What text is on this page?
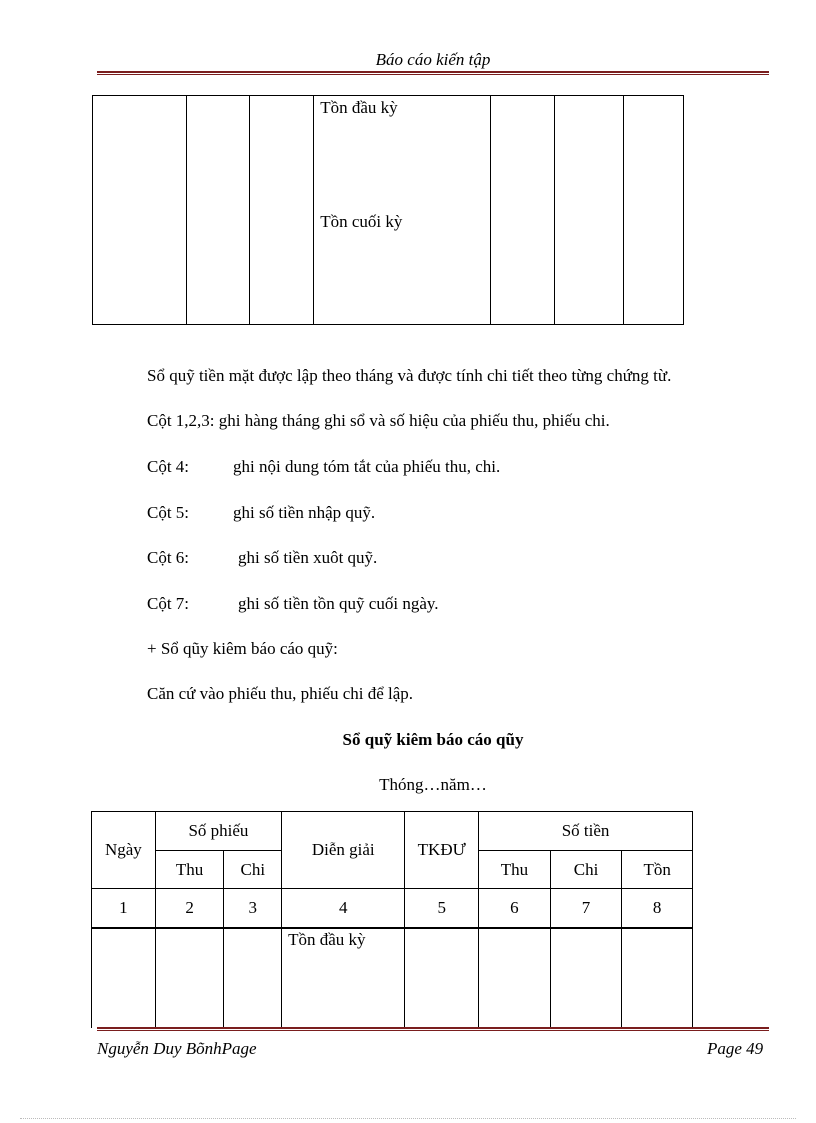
Báo cáo kiến tập

Tồn đầu kỳ
Tồn cuối kỳ

Sổ quỹ tiền mặt được lập theo tháng và được tính chi tiết theo từng chứng từ.
Cột 1,2,3: ghi hàng tháng ghi sổ và số hiệu của phiếu thu, phiếu chi.
Cột 4:	ghi nội dung tóm tắt của phiếu thu, chi.
Cột 5:	ghi số tiền nhập quỹ.
Cột 6:	ghi số tiền xuôt quỹ.
Cột 7:	ghi số tiền tồn quỹ cuối ngày.
+ Sổ qũy kiêm báo cáo quỹ:
Căn cứ vào phiếu thu, phiếu chi để lập.
Sổ quỹ kiêm báo cáo qũy
Thóng…năm…
Ngày	Số phiếu		Diễn giải	TKĐƯ	Số tiền		
	Thu	Chi			Thu	Chi	Tồn
1	2	3	4	5	6	7	8
			Tồn đầu kỳ				
Nguyễn Duy BõnhPage	Page 49
